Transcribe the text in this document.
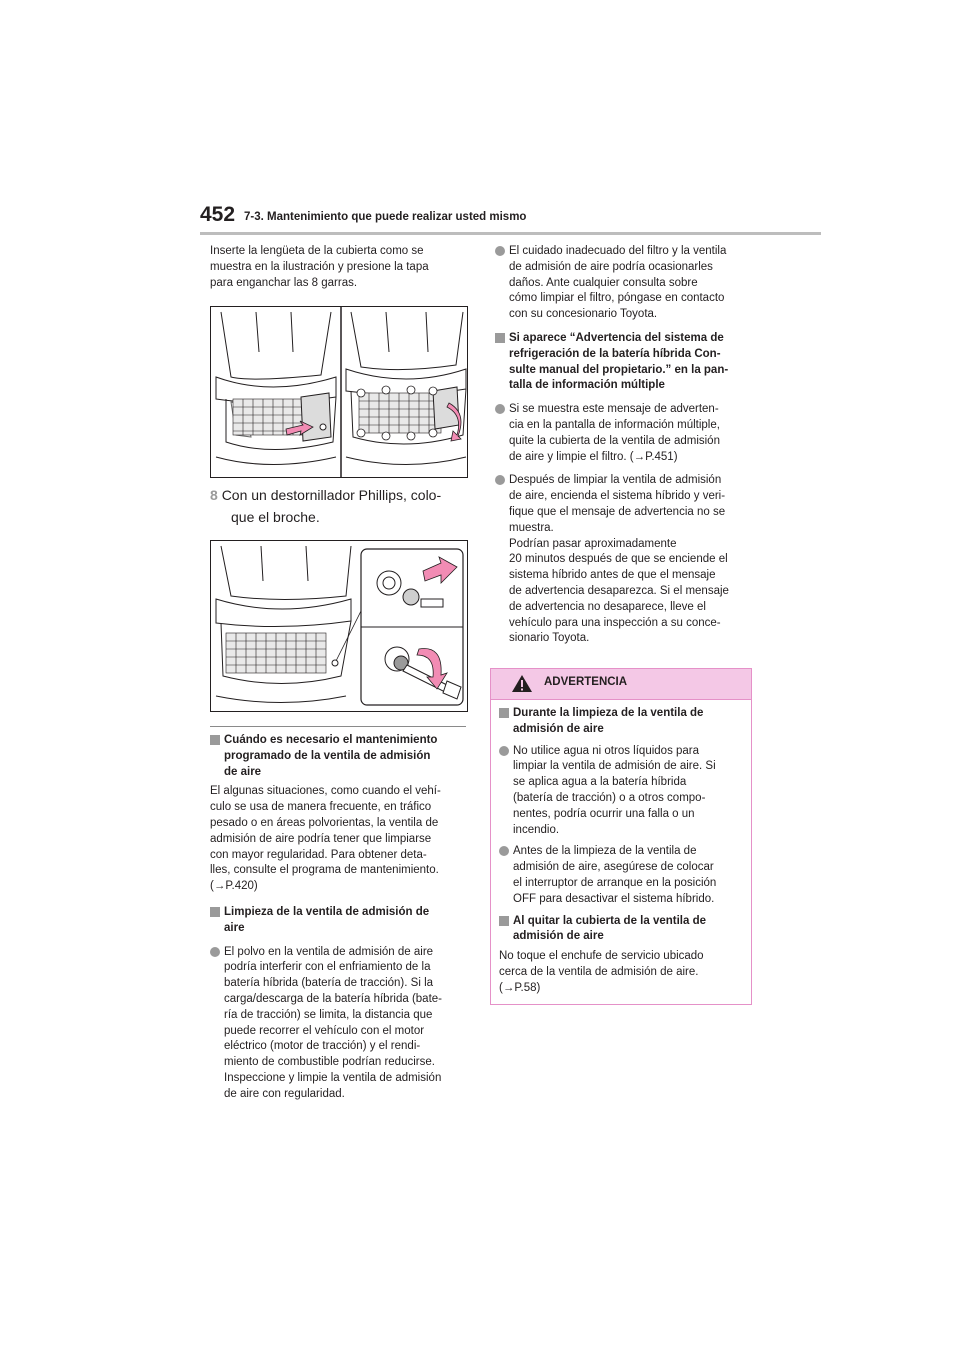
452 7-3. Mantenimiento que puede realizar usted mismo

Inserte la lengüeta de la cubierta como se

muestra en la ilustración y presione la tapa

para enganchar las 8 garras.

8 Con un destornillador Phillips, colo-
que el broche.

Cuándo es necesario el mantenimiento

programado de la ventila de admisión

de aire

El algunas situaciones, como cuando el vehí-

culo se usa de manera frecuente, en tráfico

pesado o en áreas polvorientas, la ventila de

admisión de aire podría tener que limpiarse

con mayor regularidad. Para obtener deta-

lles, consulte el programa de mantenimiento.

(→P.420)

Limpieza de la ventila de admisión de

aire

El polvo en la ventila de admisión de aire

podría interferir con el enfriamiento de la

batería híbrida (batería de tracción). Si la

carga/descarga de la batería híbrida (bate-

ría de tracción) se limita, la distancia que

puede recorrer el vehículo con el motor

eléctrico (motor de tracción) y el rendi-

miento de combustible podrían reducirse.

Inspeccione y limpie la ventila de admisión

de aire con regularidad.

El cuidado inadecuado del filtro y la ventila

de admisión de aire podría ocasionarles

daños. Ante cualquier consulta sobre

cómo limpiar el filtro, póngase en contacto

con su concesionario Toyota.

Si aparece “Advertencia del sistema de

refrigeración de la batería híbrida Con-

sulte manual del propietario.” en la pan-

talla de información múltiple

Si se muestra este mensaje de adverten-

cia en la pantalla de información múltiple,

quite la cubierta de la ventila de admisión

de aire y limpie el filtro. (→P.451)

Después de limpiar la ventila de admisión

de aire, encienda el sistema híbrido y veri-

fique que el mensaje de advertencia no se

muestra.

Podrían pasar aproximadamente

20 minutos después de que se enciende el

sistema híbrido antes de que el mensaje

de advertencia desaparezca. Si el mensaje

de advertencia no desaparece, lleve el

vehículo para una inspección a su conce-

sionario Toyota.

ADVERTENCIA

Durante la limpieza de la ventila de

admisión de aire

No utilice agua ni otros líquidos para

limpiar la ventila de admisión de aire. Si

se aplica agua a la batería híbrida

(batería de tracción) o a otros compo-

nentes, podría ocurrir una falla o un

incendio.

Antes de la limpieza de la ventila de

admisión de aire, asegúrese de colocar

el interruptor de arranque en la posición

OFF para desactivar el sistema híbrido.

Al quitar la cubierta de la ventila de

admisión de aire

No toque el enchufe de servicio ubicado

cerca de la ventila de admisión de aire.

(→P.58)
